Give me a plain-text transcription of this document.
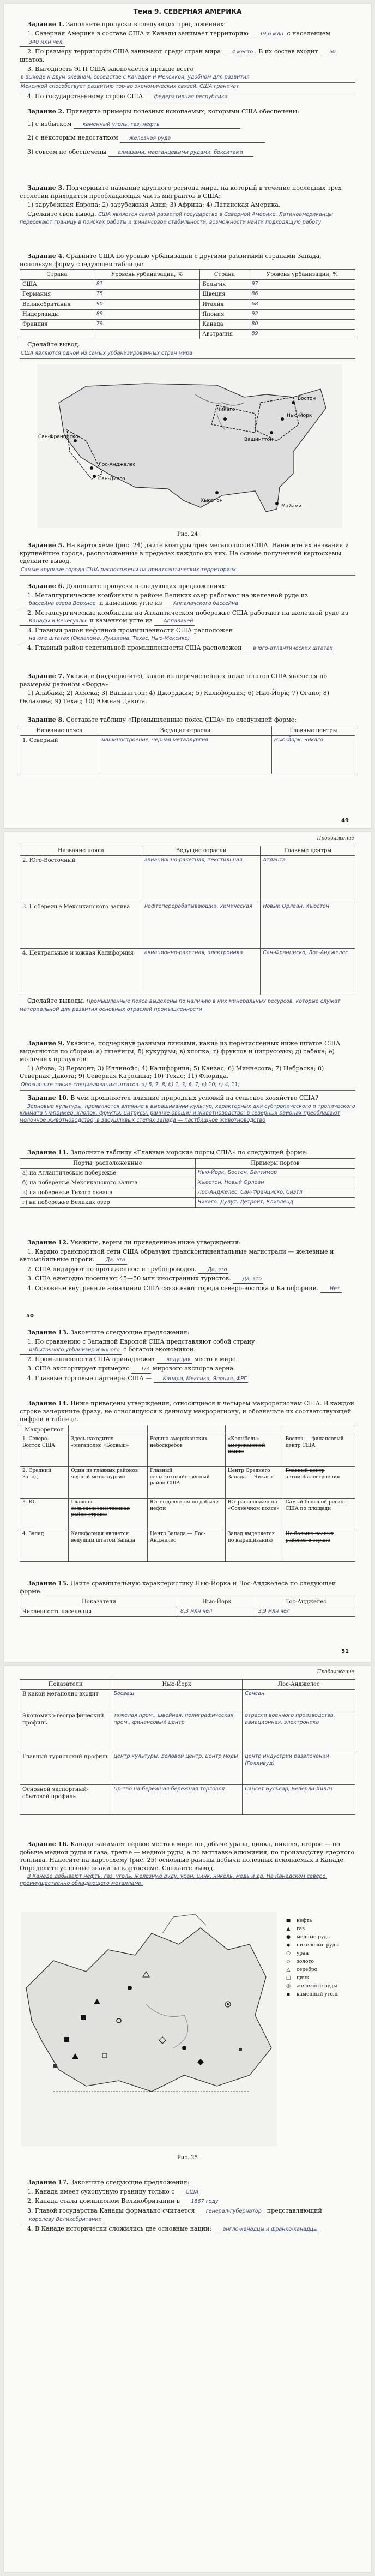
Тема 9. СЕВЕРНАЯ АМЕРИКА

Задание 1. Заполните пропуски в следующих предложениях:

1. Северная Америка в составе США и Канады занимает территорию 19,6 млн с населением 340 млн чел.

2. По размеру территории США занимают среди стран мира 4 место . В их состав входит 50 штатов.

3. Выгодность ЭГП США заключается прежде всего

в выходе к двум океанам, соседстве с Канадой и Мексикой, удобном для развития
Мексикой способствует развитию тор-во экономических связей. США граничат

4. По государственному строю США федеративная республика

Задание 2. Приведите примеры полезных ископаемых, которыми США обеспечены:

1) с избытком каменный уголь, газ, нефть

2) с некоторым недостатком железная руда

3) совсем не обеспечены алмазами, марганцевыми рудами, бокситами

Задание 3. Подчеркните название крупного региона мира, на который в течение последних трех столетий приходится преобладающая часть мигрантов в США:

1) зарубежная Европа; 2) зарубежная Азия; 3) Африка; 4) Латинская Америка.

Сделайте свой вывод. США является самой развитой государство в Северной Америке. Латиноамериканцы пересекают границу в поисках работы и финансовой стабильности, возможности найти подходящую работу.

Задание 4. Сравните США по уровню урбанизации с другими развитыми странами Запада, используя форму следующей таблицы:

Страна	Уровень урбанизации, %	Страна	Уровень урбанизации, %
США	81	Бельгия	97
Германия	75	Швеция	86
Великобритания	90	Италия	68
Нидерланды	89	Япония	92
Франция	79	Канада	80
		Австралия	89

Сделайте вывод.

США являются одной из самых урбанизированных стран мира
Чикаго
Бостон
Нью-Йорк
Вашингтон
Сан-Франциско
Лос-Анджелес
Сан-Диего
Майами
Хьюстон
Рис. 24

Задание 5. На картосхеме (рис. 24) дайте контуры трех мегаполисов США. Нанесите их названия и крупнейшие города, расположенные в пределах каждого из них. На основе полученной картосхемы сделайте вывод.

Самые крупные города США расположены на приатлантических территориях

Задание 6. Дополните пропуски в следующих предложениях:

1. Металлургические комбинаты в районе Великих озер работают на железной руде из бассейна озера Верхнее и каменном угле из Аппалачского бассейна

2. Металлургические комбинаты на Атлантическом побережье США работают на железной руде из Канады и Венесуэлы и каменном угле из Аппалачей

3. Главный район нефтяной промышленности США расположен на юге штатах (Оклахома, Луизиана, Техас, Нью-Мексико)

4. Главный район текстильной промышленности США расположен в юго-атлантических штатах

Задание 7. Укажите (подчеркните), какой из перечисленных ниже штатов США является по размерам районом «Форда»:

1) Алабама; 2) Аляска; 3) Вашингтон; 4) Джорджия; 5) Калифорния; 6) Нью-Йорк; 7) Огайо; 8) Оклахома; 9) Техас; 10) Южная Дакота.

Задание 8. Составьте таблицу «Промышленные пояса США» по следующей форме:

Название пояса	Ведущие отрасли	Главные центры
1. Северный	машиностроение, черная металлургия	Нью-Йорк, Чикаго
49
Продолжение
Название пояса	Ведущие отрасли	Главные центры
2. Юго-Восточный	авиационно-ракетная, текстильная	Атланта
3. Побережье Мексиканского залива	нефтеперерабатывающий, химическая	Новый Орлеан, Хьюстон
4. Центральные и южная Калифорния	авиационно-ракетная, электроника	Сан-Франциско, Лос-Анджелес

Сделайте выводы. Промышленные пояса выделены по наличию в них минеральных ресурсов, которые служат материальной для развития основных отраслей промышленности

Задание 9. Укажите, подчеркнув разными линиями, какие из перечисленных ниже штатов США выделяются по сборам: а) пшеницы; б) кукурузы; в) хлопка; г) фруктов и цитрусовых; д) табака; е) молочных продуктов:

1) Айова; 2) Вермонт; 3) Иллинойс; 4) Калифорния; 5) Канзас; 6) Миннесота; 7) Небраска; 8) Северная Дакота; 9) Северная Каролина; 10) Техас; 11) Флорида.

Обозначьте также специализацию штатов. а) 5, 7, 8; б) 1, 3, 6, 7; в) 10; г) 4, 11;

Задание 10. В чем проявляется влияние природных условий на сельское хозяйство США?

Зерновые культуры, проявляется влияние в выращивании культур, характерных для субтропического и тропического климата (например, хлопок, фрукты, цитрусы, ранние овощи) и животноводство; в северных районах преобладают молочное животноводство; в засушливых степях запада — пастбищное животноводство

Задание 11. Заполните таблицу «Главные морские порты США» по следующей форме:

Порты, расположенные	Примеры портов
а) на Атлантическом побережье	Нью-Йорк, Бостон, Балтимор
б) на побережье Мексиканского залива	Хьюстон, Новый Орлеан
в) на побережье Тихого океана	Лос-Анджелес, Сан-Франциско, Сиэтл
г) на побережье Великих озер	Чикаго, Дулут, Детройт, Кливленд

Задание 12. Укажите, верны ли приведенные ниже утверждения:

1. Кардио транспортной сети США образуют трансконтинентальные магистрали — железные и автомобильные дороги. Да, это

2. США лидируют по протяженности трубопроводов. Да, это

3. США ежегодно посещают 45—50 млн иностранных туристов. Да, это

4. Основные внутренние авиалинии США связывают города северо-востока и Калифорнии. Нет

50

Задание 13. Закончите следующие предложения:

1. По сравнению с Западной Европой США представляют собой страну избыточного урбанизированного с богатой экономикой.

2. Промышленности США принадлежит ведущая место в мире.

3. США экспортирует примерно 1/3 мирового экспорта зерна.

4. Главные торговые партнеры США — Канада, Мексика, Япония, ФРГ

Задание 14. Ниже приведены утверждения, относящиеся к четырем макрорегионам США. В каждой строке зачеркните фразу, не относящуюся к данному макрорегиону, и обозначьте их соответствующей цифрой в таблице.

Макрорегион				
1. Северо-Восток США	Здесь находится «мегаполис «Босваш»	Родина американских небоскребов	«Колыбель» американской нации	Восток — финансовый центр США
2. Средний Запад	Один из главных районов черной металлургии	Главный сельскохозяйственный район США	Центр Среднего Запада — Чикаго	Главный центр автомобилестроения
3. Юг	Главная сельскохозяйственная район страны	Юг выделяется по добыче нефти	Юг расположен на «Солнечном поясе»	Самый большой регион США по площади
4. Запад	Калифорния является ведущим штатом Запада	Центр Запада — Лос-Анджелес	Запад выделяется по выращиванию	Не больше лесных районов в стране

Задание 15. Дайте сравнительную характеристику Нью-Йорка и Лос-Анджелеса по следующей форме:

Показатели	Нью-Йорк	Лос-Анджелес
Численность населения	8,3 млн чел	3,9 млн чел
51
Продолжение
Показатели	Нью-Йорк	Лос-Анджелес
В какой мегаполис входит	Босваш	Сансан
Экономико-географический профиль	тяжелая пром., швейная, полиграфическая пром., финансовый центр	отрасли военного производства, авиационная, электроника
Главный туристский профиль	центр культуры, деловой центр, центр моды	центр индустрии развлечений (Голливуд)
Основной экспортный-сбытовой профиль	Пр-тво на-бережная-бережная торговля	Сансет Бульвар, Беверли-Хиллз

Задание 16. Канада занимает первое место в мире по добыче урана, цинка, никеля, второе — по добыче медной руды и газа, третье — медной руды, а по выплавке алюминия, по производству ядерного топлива. Нанесите на картосхему (рис. 25) основные районы добычи полезных ископаемых в Канаде. Определите условные знаки на картосхеме. Сделайте вывод.

В Канаде добывают нефть, газ, уголь, железную руду, уран, цинк, никель, медь и др. На Канадском севере, преимущественно обладающего металлами.

■	нефть
▲	газ
●	медные руды
◆	никелевые руды
○	уран
◇	золото
△	серебро
□	цинк
◎	железные руды
▪	каменный уголь
Рис. 25

Задание 17. Закончите следующие предложения:

1. Канада имеет сухопутную границу только с США

2. Канада стала доминионом Великобритании в 1867 году

3. Главой государства Канады формально считается генерал-губернатор , представляющий королеву Великобритании

4. В Канаде исторически сложились две основные нации: англо-канадцы и франко-канадцы
